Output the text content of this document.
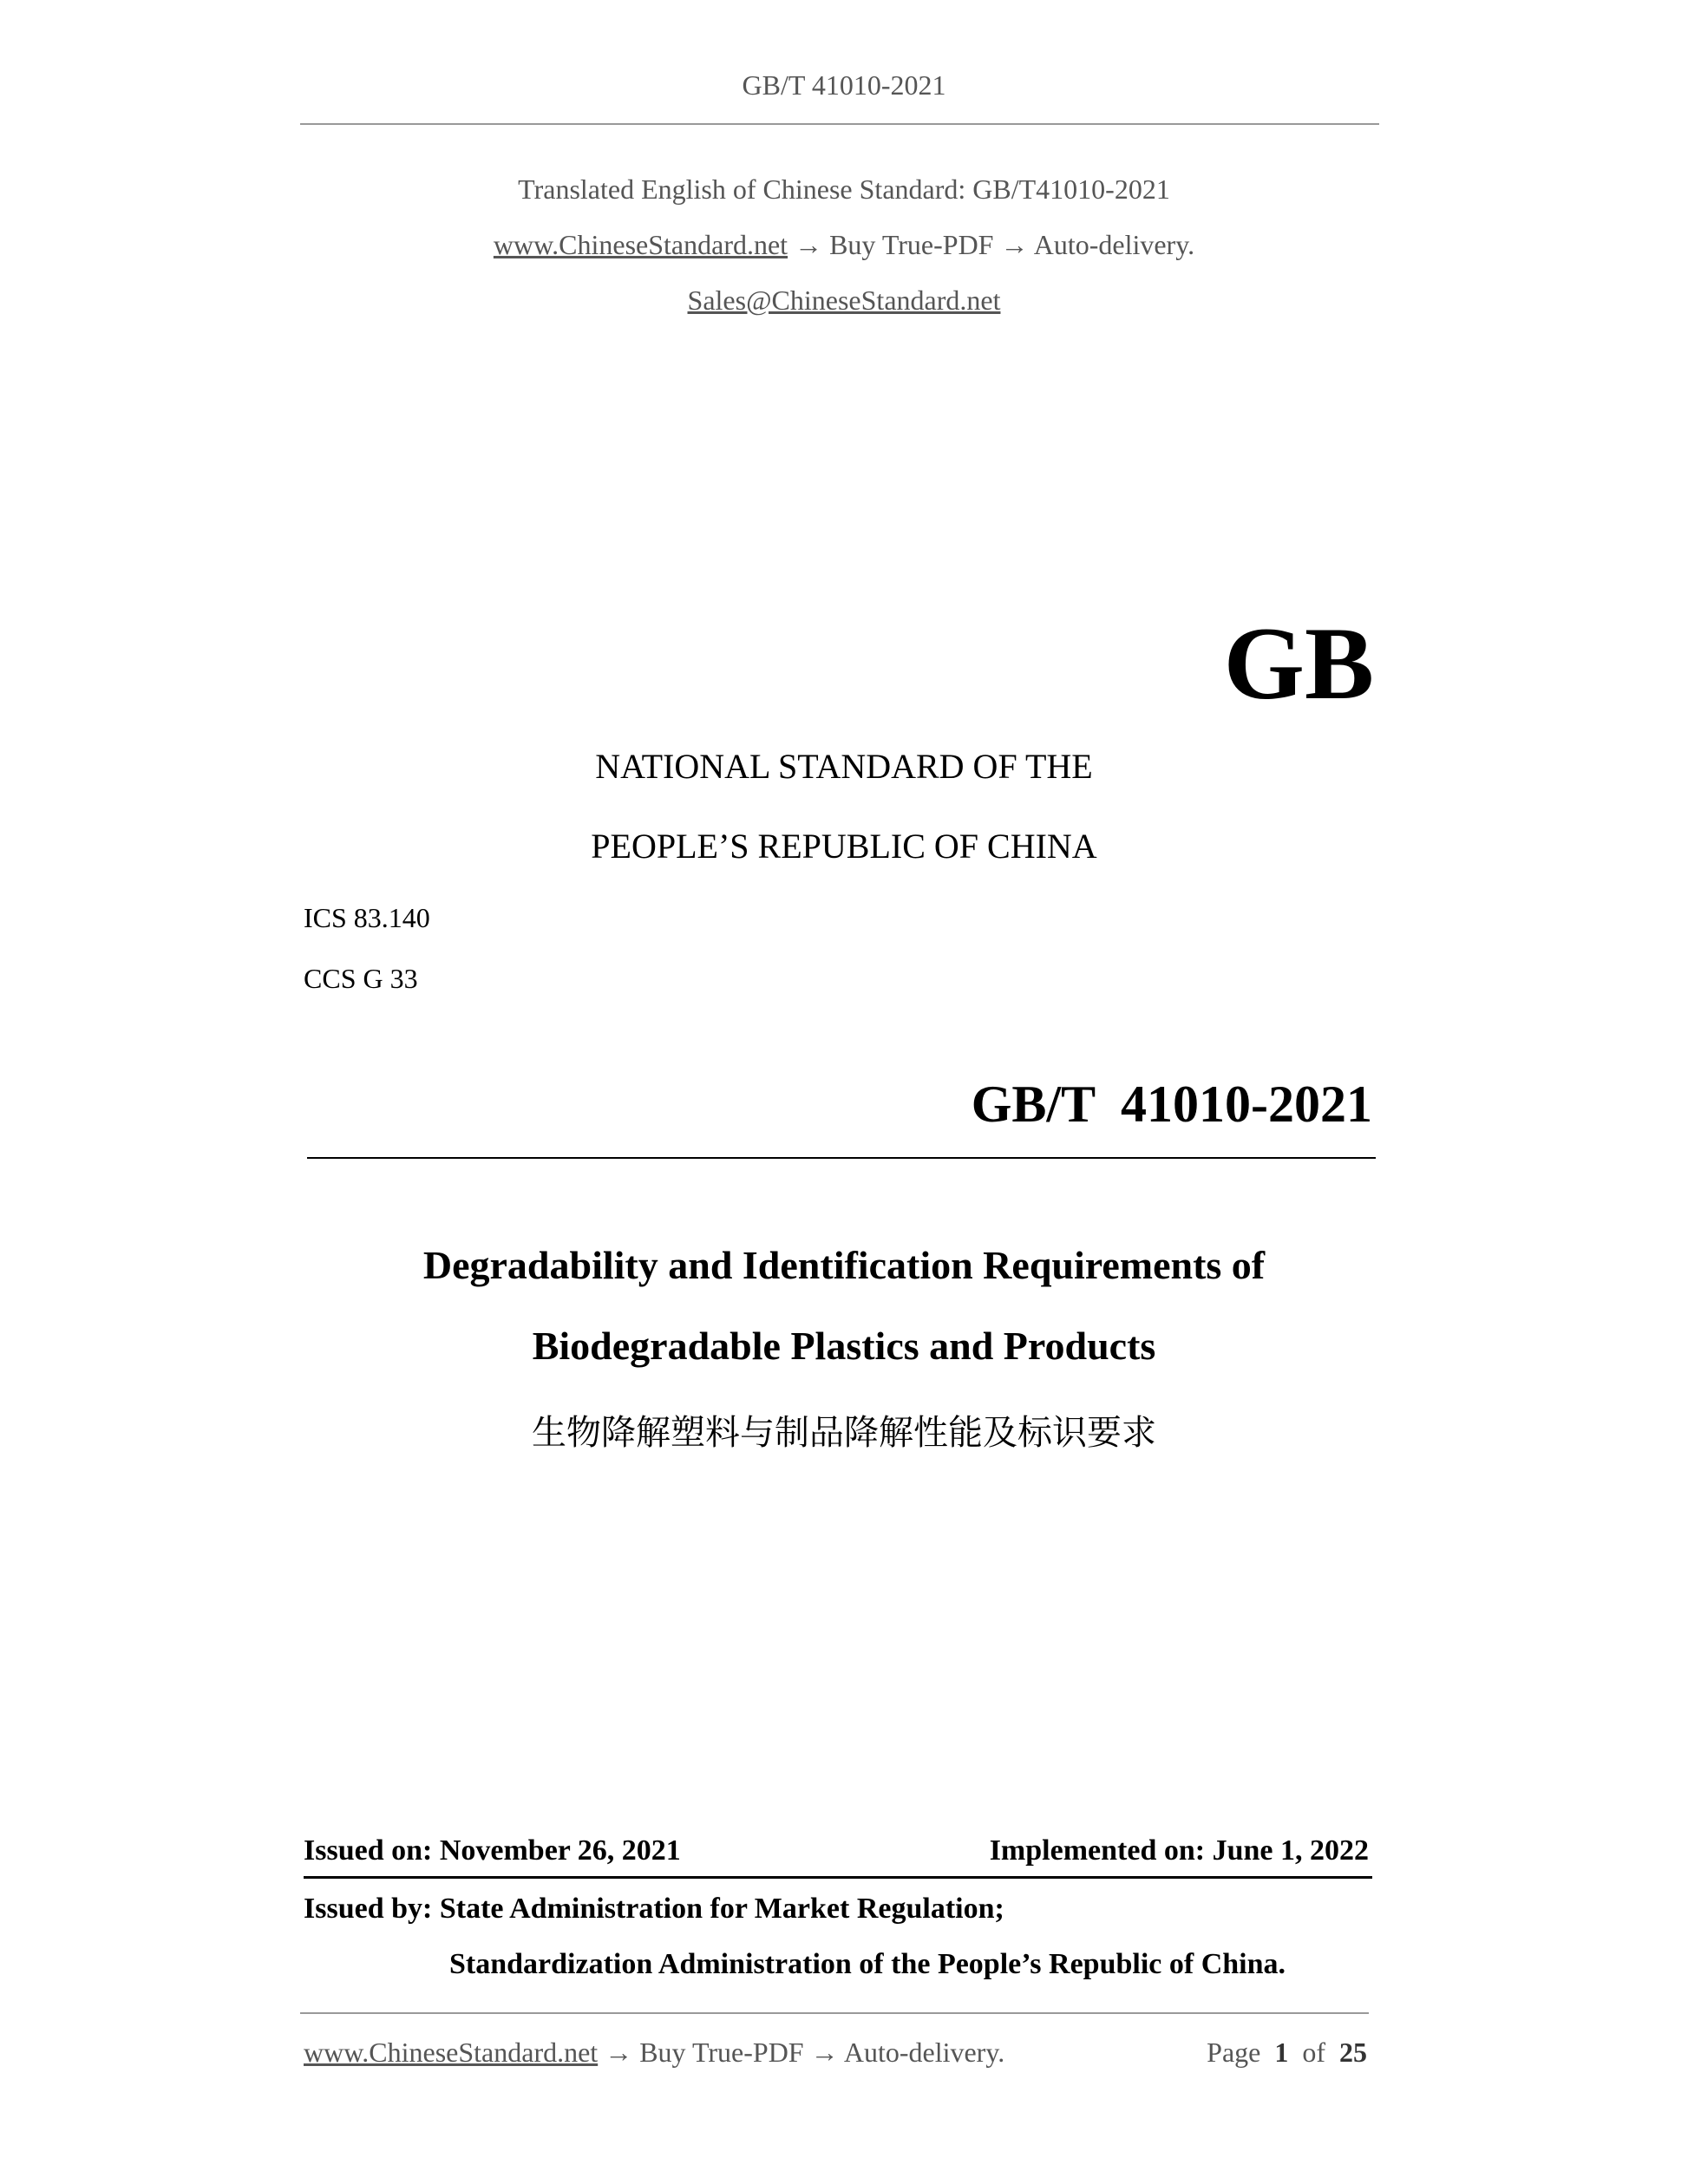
GB/T 41010-2021
Translated English of Chinese Standard: GB/T41010-2021
www.ChineseStandard.net → Buy True-PDF → Auto-delivery.
Sales@ChineseStandard.net
GB
NATIONAL STANDARD OF THE
PEOPLE’S REPUBLIC OF CHINA
ICS 83.140
CCS G 33
GB/T  41010-2021
Degradability and Identification Requirements of
Biodegradable Plastics and Products
生物降解塑料与制品降解性能及标识要求
Issued on: November 26, 2021	Implemented on: June 1, 2022
Issued by: State Administration for Market Regulation;
Standardization Administration of the People’s Republic of China.
www.ChineseStandard.net → Buy True-PDF → Auto-delivery.	Page 1 of 25
